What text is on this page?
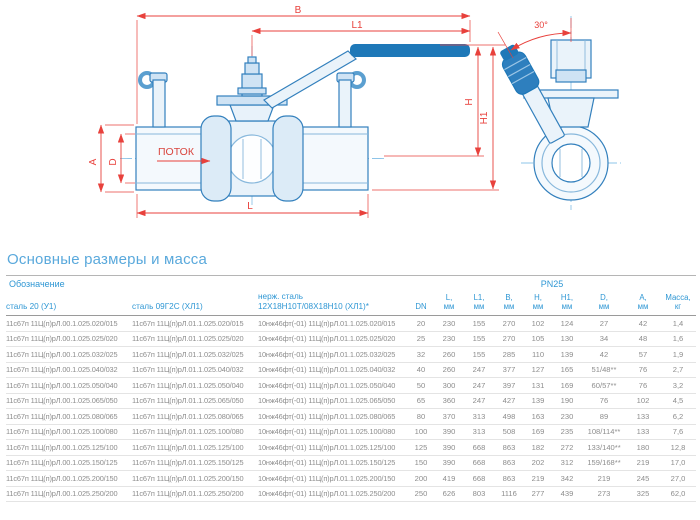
B
L1
L
A D
H
H1
30°
ПОТОК
Основные размеры и масса
Обозначение	PN25
сталь 20 (У1)	сталь 09Г2С (ХЛ1)
нерж. сталь
12Х18Н10Т/08Х18Н10 (ХЛ1)*	DN
L,
мм
L1,
мм
B,
мм
H,
мм
H1,
мм
D,
мм
A,
мм
Масса,
кг
11с67п 11Ц(п)рЛ.00.1.025.020/015	11с67п 11Ц(п)рЛ.01.1.025.020/015	10нж46фт(-01) 11Ц(п)рЛ.01.1.025.020/015	20	230	155	270	102	124	27	42	1,4
11с67п 11Ц(п)рЛ.00.1.025.025/020	11с67п 11Ц(п)рЛ.01.1.025.025/020	10нж46фт(-01) 11Ц(п)рЛ.01.1.025.025/020	25	230	155	270	105	130	34	48	1,6
11с67п 11Ц(п)рЛ.00.1.025.032/025	11с67п 11Ц(п)рЛ.01.1.025.032/025	10нж46фт(-01) 11Ц(п)рЛ.01.1.025.032/025	32	260	155	285	110	139	42	57	1,9
11с67п 11Ц(п)рЛ.00.1.025.040/032	11с67п 11Ц(п)рЛ.01.1.025.040/032	10нж46фт(-01) 11Ц(п)рЛ.01.1.025.040/032	40	260	247	377	127	165	51/48**	76	2,7
11с67п 11Ц(п)рЛ.00.1.025.050/040	11с67п 11Ц(п)рЛ.01.1.025.050/040	10нж46фт(-01) 11Ц(п)рЛ.01.1.025.050/040	50	300	247	397	131	169	60/57**	76	3,2
11с67п 11Ц(п)рЛ.00.1.025.065/050	11с67п 11Ц(п)рЛ.01.1.025.065/050	10нж46фт(-01) 11Ц(п)рЛ.01.1.025.065/050	65	360	247	427	139	190	76	102	4,5
11с67п 11Ц(п)рЛ.00.1.025.080/065	11с67п 11Ц(п)рЛ.01.1.025.080/065	10нж46фт(-01) 11Ц(п)рЛ.01.1.025.080/065	80	370	313	498	163	230	89	133	6,2
11с67п 11Ц(п)рЛ.00.1.025.100/080	11с67п 11Ц(п)рЛ.01.1.025.100/080	10нж46фт(-01) 11Ц(п)рЛ.01.1.025.100/080	100	390	313	508	169	235	108/114**	133	7,6
11с67п 11Ц(п)рЛ.00.1.025.125/100	11с67п 11Ц(п)рЛ.01.1.025.125/100	10нж46фт(-01) 11Ц(п)рЛ.01.1.025.125/100	125	390	668	863	182	272	133/140**	180	12,8
11с67п 11Ц(п)рЛ.00.1.025.150/125	11с67п 11Ц(п)рЛ.01.1.025.150/125	10нж46фт(-01) 11Ц(п)рЛ.01.1.025.150/125	150	390	668	863	202	312	159/168**	219	17,0
11с67п 11Ц(п)рЛ.00.1.025.200/150	11с67п 11Ц(п)рЛ.01.1.025.200/150	10нж46фт(-01) 11Ц(п)рЛ.01.1.025.200/150	200	419	668	863	219	342	219	245	27,0
11с67п 11Ц(п)рЛ.00.1.025.250/200	11с67п 11Ц(п)рЛ.01.1.025.250/200	10нж46фт(-01) 11Ц(п)рЛ.01.1.025.250/200	250	626	803	1116	277	439	273	325	62,0
